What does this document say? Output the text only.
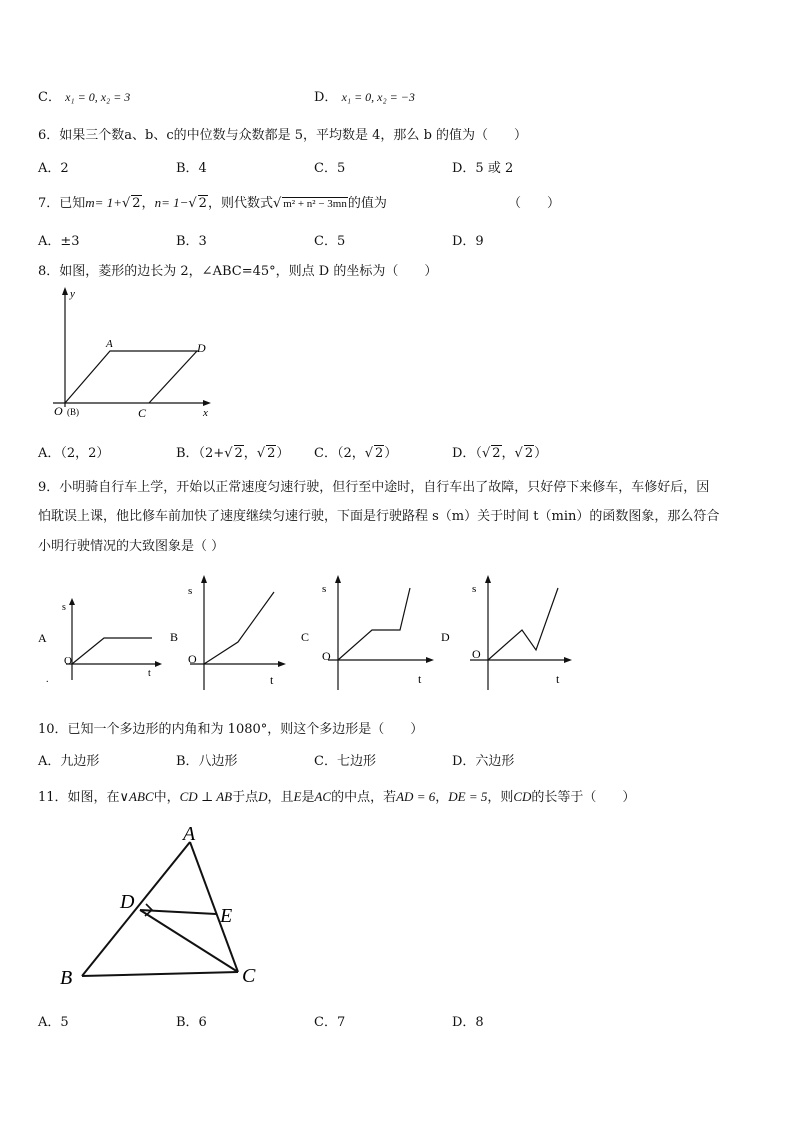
C． x₁ = 0, x₂ = 3	D． x₁ = 0, x₂ = −3
6．如果三个数a、b、c的中位数与众数都是 5，平均数是 4，那么 b 的值为（　　）
A．2	B．4	C．5	D．5 或 2
7．已知m= 1+ √ 2，n= 1− √ 2，则代数式 √ m² + n² − 3mn的值为	（　　）
A．±3	B．3	C．5	D．9
8．如图，菱形的边长为 2，∠ABC=45°，则点 D 的坐标为（　　）
y
x
A	D
O (B)	C
A．（2，2）	B．（2+ √ 2， √ 2） C．（2， √ 2）	D．（ √ 2， √ 2）
9．小明骑自行车上学，开始以正常速度匀速行驶，但行至中途时，自行车出了故障，只好停下来修车，车修好后，因
怕耽误上课，他比修车前加快了速度继续匀速行驶，下面是行驶路程 s（m）关于时间 t（min）的函数图象，那么符合
小明行驶情况的大致图象是（ ）
A
s
O
t
.
B
s
O
t
C
s
O
t
D
s
O
t
10．已知一个多边形的内角和为 1080°，则这个多边形是（　　）
A．九边形	B．八边形	C．七边形	D．六边形
11．如图，在∨ABC中，CD ⊥ AB于点D，且E是AC的中点，若AD = 6，DE = 5，则CD的长等于（　　）
A
B	C
D
E
A．5	B．6	C．7	D．8
